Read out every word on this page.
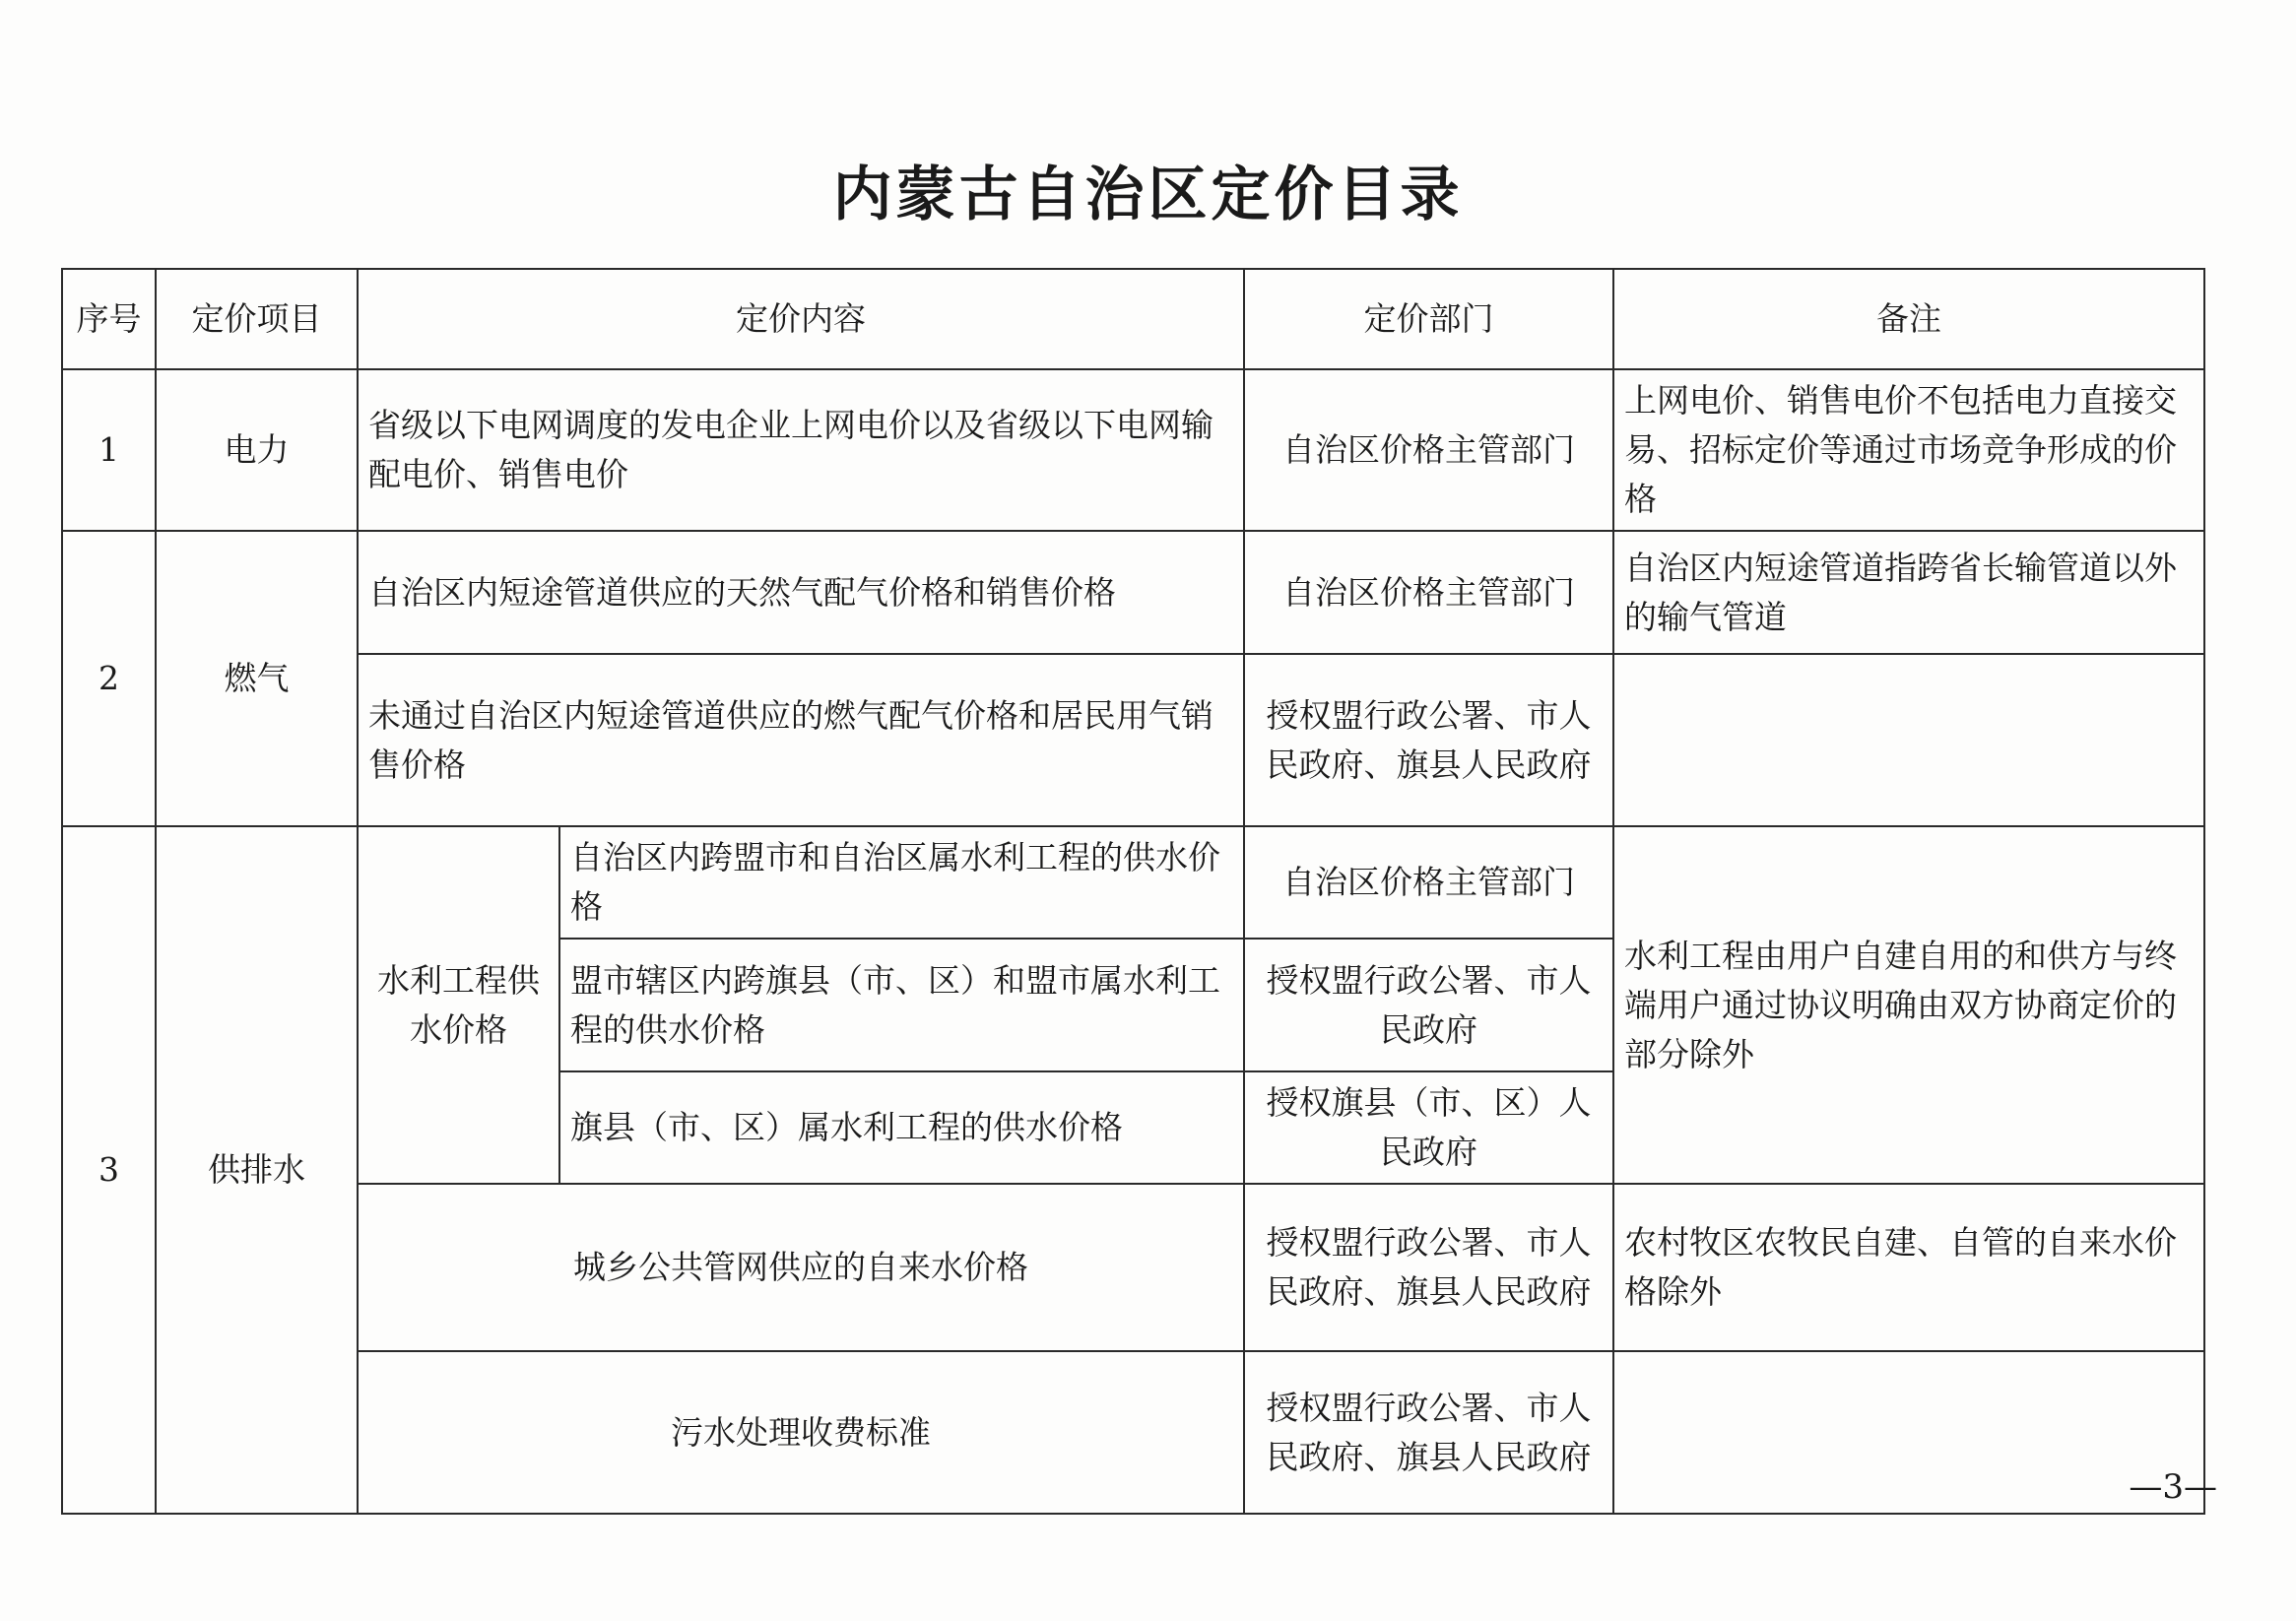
内蒙古自治区定价目录
序号	定价项目	定价内容		定价部门	备注
1	电力	省级以下电网调度的发电企业上网电价以及省级以下电网输配电价、销售电价		自治区价格主管部门	上网电价、销售电价不包括电力直接交易、招标定价等通过市场竞争形成的价格
2	燃气	自治区内短途管道供应的天然气配气价格和销售价格		自治区价格主管部门	自治区内短途管道指跨省长输管道以外的输气管道
		未通过自治区内短途管道供应的燃气配气价格和居民用气销售价格		授权盟行政公署、市人民政府、旗县人民政府	
3	供排水	水利工程供水价格	自治区内跨盟市和自治区属水利工程的供水价格	自治区价格主管部门	水利工程由用户自建自用的和供方与终端用户通过协议明确由双方协商定价的部分除外
			盟市辖区内跨旗县（市、区）和盟市属水利工程的供水价格	授权盟行政公署、市人民政府	
			旗县（市、区）属水利工程的供水价格	授权旗县（市、区）人民政府	
		城乡公共管网供应的自来水价格		授权盟行政公署、市人民政府、旗县人民政府	农村牧区农牧民自建、自管的自来水价格除外
		污水处理收费标准		授权盟行政公署、市人民政府、旗县人民政府	
—3—
